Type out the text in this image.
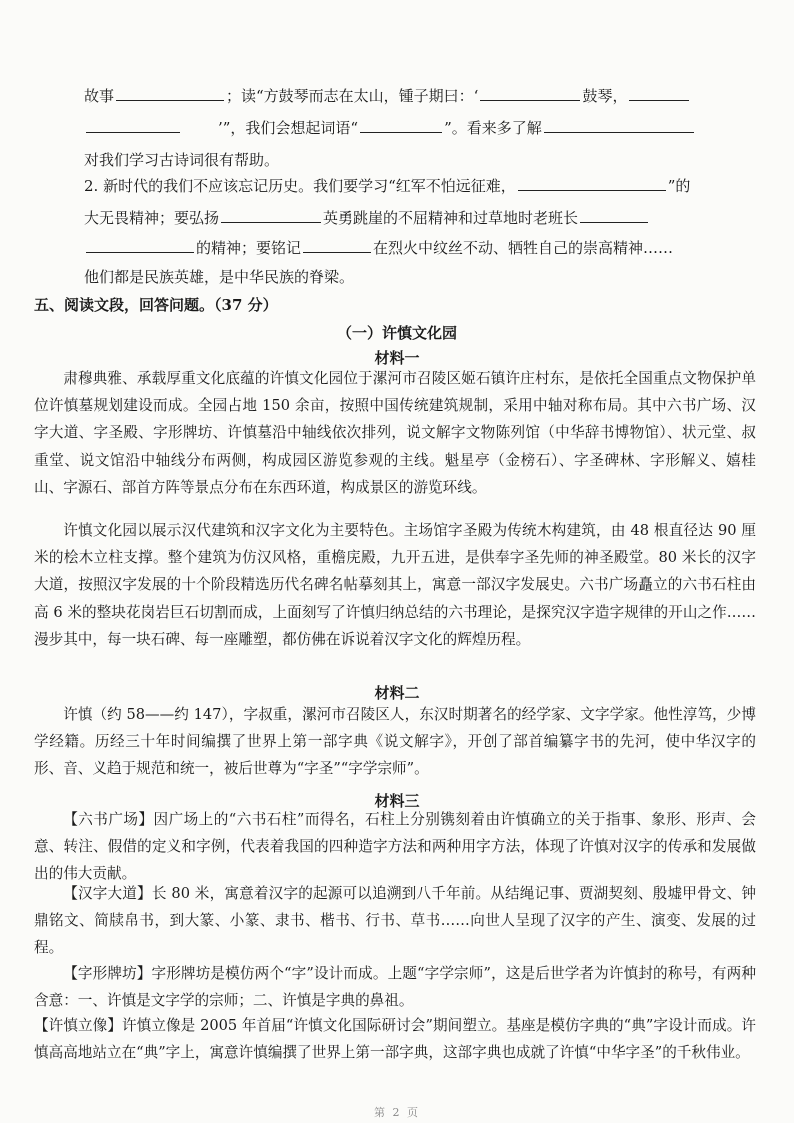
故事	；读“方鼓琴而志在太山，锺子期曰：‘	鼓琴，
’”，我们会想起词语“	”。看来多了解
对我们学习古诗词很有帮助。
2. 新时代的我们不应该忘记历史。我们要学习“红军不怕远征难，	”的
大无畏精神；要弘扬	英勇跳崖的不屈精神和过草地时老班长
的精神；要铭记	在烈火中纹丝不动、牺牲自己的崇高精神……
他们都是民族英雄，是中华民族的脊梁。
五、阅读文段，回答问题。（37 分）
（一）许慎文化园
材料一

肃穆典雅、承载厚重文化底蕴的许慎文化园位于漯河市召陵区姬石镇许庄村东，是依托全国重点文物保护单位许慎墓规划建设而成。全园占地 150 余亩，按照中国传统建筑规制，采用中轴对称布局。其中六书广场、汉字大道、字圣殿、字形牌坊、许慎墓沿中轴线依次排列，说文解字文物陈列馆（中华辞书博物馆）、状元堂、叔重堂、说文馆沿中轴线分布两侧，构成园区游览参观的主线。魁星亭（金榜石）、字圣碑林、字形解义、嬉桂山、字源石、部首方阵等景点分布在东西环道，构成景区的游览环线。

许慎文化园以展示汉代建筑和汉字文化为主要特色。主场馆字圣殿为传统木构建筑，由 48 根直径达 90 厘米的桧木立柱支撑。整个建筑为仿汉风格，重檐庑殿，九开五进，是供奉字圣先师的神圣殿堂。80 米长的汉字大道，按照汉字发展的十个阶段精选历代名碑名帖摹刻其上，寓意一部汉字发展史。六书广场矗立的六书石柱由高 6 米的整块花岗岩巨石切割而成，上面刻写了许慎归纳总结的六书理论，是探究汉字造字规律的开山之作……漫步其中，每一块石碑、每一座雕塑，都仿佛在诉说着汉字文化的辉煌历程。

材料二

许慎（约 58——约 147），字叔重，漯河市召陵区人，东汉时期著名的经学家、文字学家。他性淳笃，少博学经籍。历经三十年时间编撰了世界上第一部字典《说文解字》，开创了部首编纂字书的先河，使中华汉字的形、音、义趋于规范和统一，被后世尊为“字圣”“字学宗师”。

材料三

【六书广场】因广场上的“六书石柱”而得名，石柱上分别镌刻着由许慎确立的关于指事、象形、形声、会意、转注、假借的定义和字例，代表着我国的四种造字方法和两种用字方法，体现了许慎对汉字的传承和发展做出的伟大贡献。

【汉字大道】长 80 米，寓意着汉字的起源可以追溯到八千年前。从结绳记事、贾湖契刻、殷墟甲骨文、钟鼎铭文、简牍帛书，到大篆、小篆、隶书、楷书、行书、草书……向世人呈现了汉字的产生、演变、发展的过程。

【字形牌坊】字形牌坊是模仿两个“字”设计而成。上题“字学宗师”，这是后世学者为许慎封的称号，有两种含意：一、许慎是文字学的宗师；二、许慎是字典的鼻祖。

【许慎立像】许慎立像是 2005 年首届“许慎文化国际研讨会”期间塑立。基座是模仿字典的“典”字设计而成。许慎高高地站立在“典”字上，寓意许慎编撰了世界上第一部字典，这部字典也成就了许慎“中华字圣”的千秋伟业。

第 2 页
